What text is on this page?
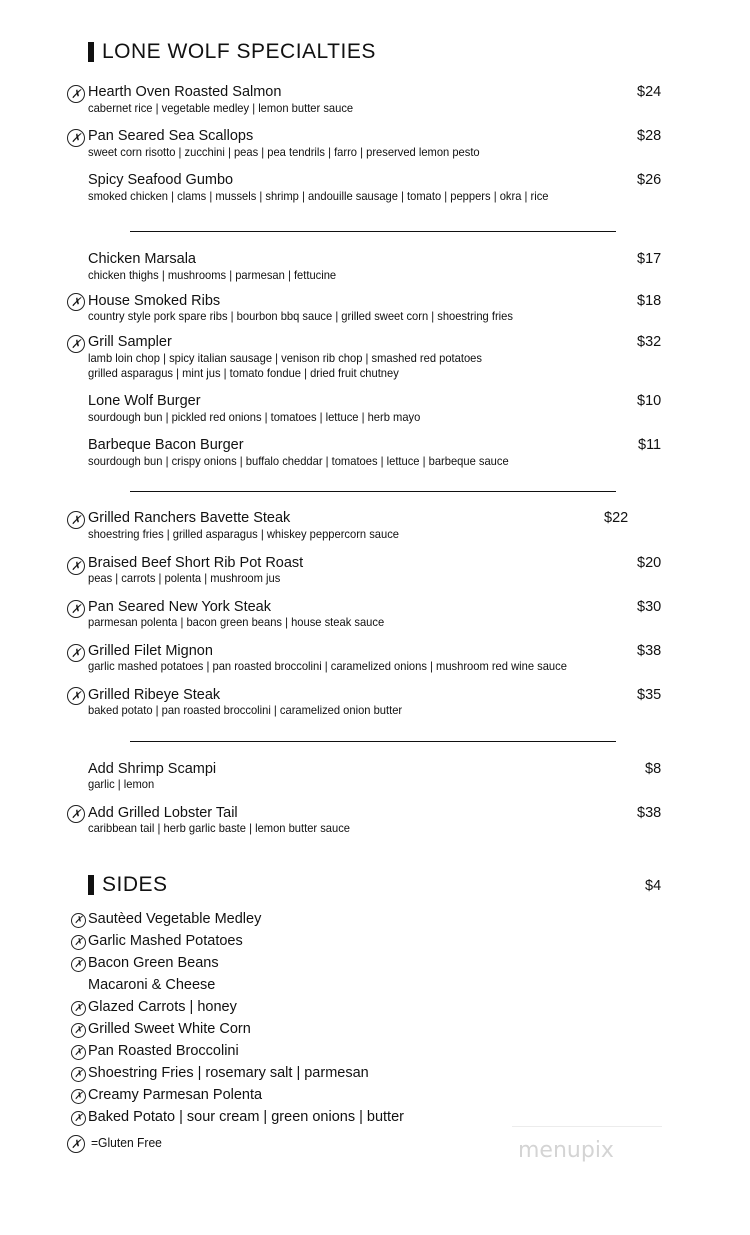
LONE WOLF SPECIALTIES
✗ Hearth Oven Roasted Salmon
cabernet rice | vegetable medley | lemon butter sauce
$24
✗ Pan Seared Sea Scallops
sweet corn risotto | zucchini | peas | pea tendrils | farro | preserved lemon pesto
$28
Spicy Seafood Gumbo
smoked chicken | clams | mussels | shrimp | andouille sausage | tomato | peppers | okra | rice
$26
Chicken Marsala
chicken thighs | mushrooms | parmesan | fettucine
$17
✗ House Smoked Ribs
country style pork spare ribs | bourbon bbq sauce | grilled sweet corn | shoestring fries
$18
✗ Grill Sampler
lamb loin chop | spicy italian sausage | venison rib chop | smashed red potatoes
grilled asparagus | mint jus | tomato fondue | dried fruit chutney
$32
Lone Wolf Burger
sourdough bun | pickled red onions | tomatoes | lettuce | herb mayo
$10
Barbeque Bacon Burger
sourdough bun | crispy onions | buffalo cheddar | tomatoes | lettuce | barbeque sauce
$11
✗ Grilled Ranchers Bavette Steak
shoestring fries | grilled asparagus | whiskey peppercorn sauce
$22
✗ Braised Beef Short Rib Pot Roast
peas | carrots | polenta | mushroom jus
$20
✗ Pan Seared New York Steak
parmesan polenta | bacon green beans | house steak sauce
$30
✗ Grilled Filet Mignon
garlic mashed potatoes | pan roasted broccolini | caramelized onions | mushroom red wine sauce
$38
✗ Grilled Ribeye Steak
baked potato | pan roasted broccolini | caramelized onion butter
$35
Add Shrimp Scampi
garlic | lemon
$8
✗ Add Grilled Lobster Tail
caribbean tail | herb garlic baste | lemon butter sauce
$38
SIDES	$4
✗ Sautèed Vegetable Medley
✗ Garlic Mashed Potatoes
✗ Bacon Green Beans
Macaroni & Cheese
✗ Glazed Carrots | honey
✗ Grilled Sweet White Corn
✗ Pan Roasted Broccolini
✗ Shoestring Fries | rosemary salt | parmesan
✗ Creamy Parmesan Polenta
✗ Baked Potato | sour cream | green onions | butter
✗ =Gluten Free	menupix
